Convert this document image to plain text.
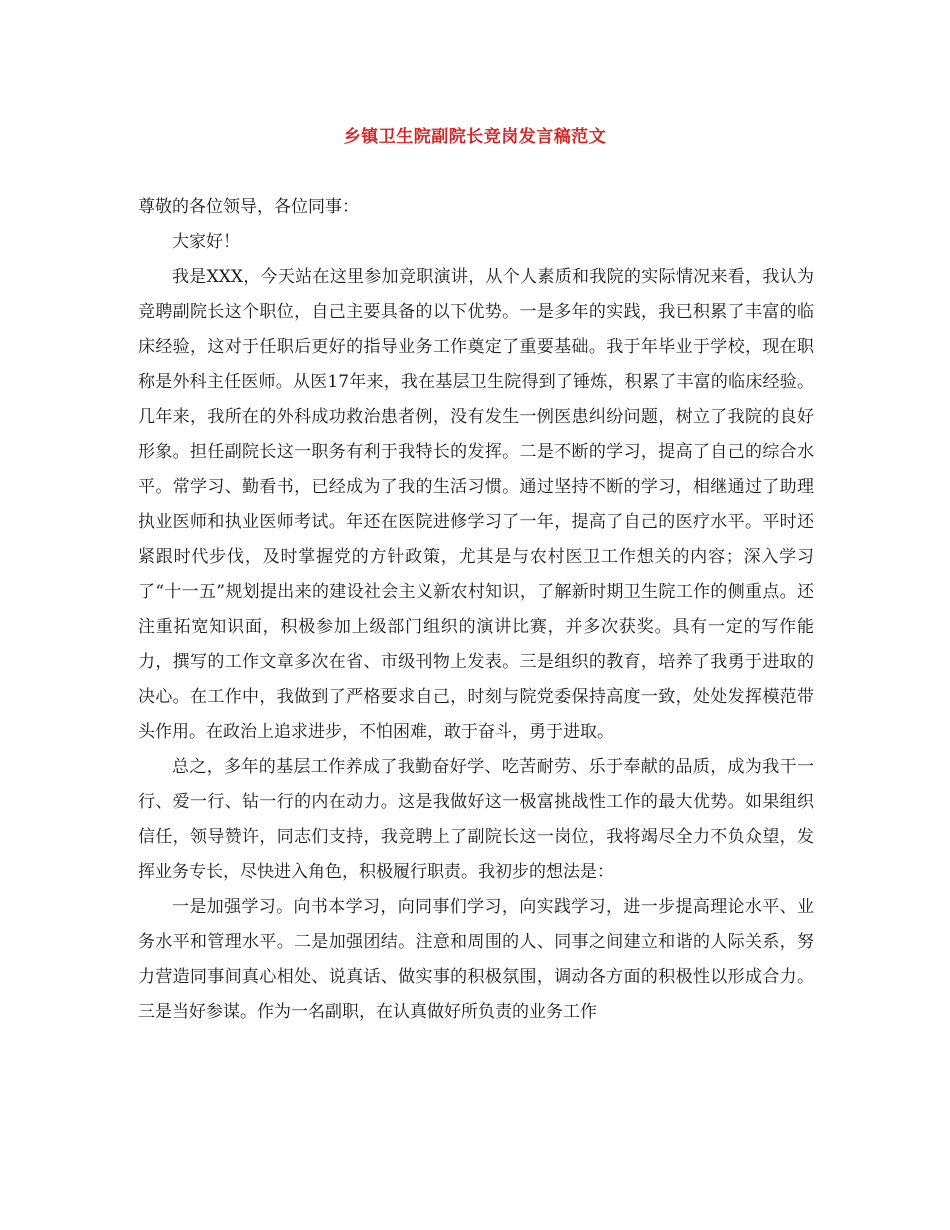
乡镇卫生院副院长竞岗发言稿范文

尊敬的各位领导，各位同事：

大家好！

我是XXX，今天站在这里参加竞职演讲，从个人素质和我院的实际情况来看，我认为竞聘副院长这个职位，自己主要具备的以下优势。一是多年的实践，我已积累了丰富的临床经验，这对于任职后更好的指导业务工作奠定了重要基础。我于年毕业于学校，现在职称是外科主任医师。从医17年来，我在基层卫生院得到了锤炼，积累了丰富的临床经验。几年来，我所在的外科成功救治患者例，没有发生一例医患纠纷问题，树立了我院的良好形象。担任副院长这一职务有利于我特长的发挥。二是不断的学习，提高了自己的综合水平。常学习、勤看书，已经成为了我的生活习惯。通过坚持不断的学习，相继通过了助理执业医师和执业医师考试。年还在医院进修学习了一年，提高了自己的医疗水平。平时还紧跟时代步伐，及时掌握党的方针政策，尤其是与农村医卫工作想关的内容；深入学习了“十一五”规划提出来的建设社会主义新农村知识，了解新时期卫生院工作的侧重点。还注重拓宽知识面，积极参加上级部门组织的演讲比赛，并多次获奖。具有一定的写作能力，撰写的工作文章多次在省、市级刊物上发表。三是组织的教育，培养了我勇于进取的决心。在工作中，我做到了严格要求自己，时刻与院党委保持高度一致，处处发挥模范带头作用。在政治上追求进步，不怕困难，敢于奋斗，勇于进取。

总之，多年的基层工作养成了我勤奋好学、吃苦耐劳、乐于奉献的品质，成为我干一行、爱一行、钻一行的内在动力。这是我做好这一极富挑战性工作的最大优势。如果组织信任，领导赞许，同志们支持，我竞聘上了副院长这一岗位，我将竭尽全力不负众望，发挥业务专长，尽快进入角色，积极履行职责。我初步的想法是：

一是加强学习。向书本学习，向同事们学习，向实践学习，进一步提高理论水平、业务水平和管理水平。二是加强团结。注意和周围的人、同事之间建立和谐的人际关系，努力营造同事间真心相处、说真话、做实事的积极氛围，调动各方面的积极性以形成合力。三是当好参谋。作为一名副职，在认真做好所负责的业务工作
